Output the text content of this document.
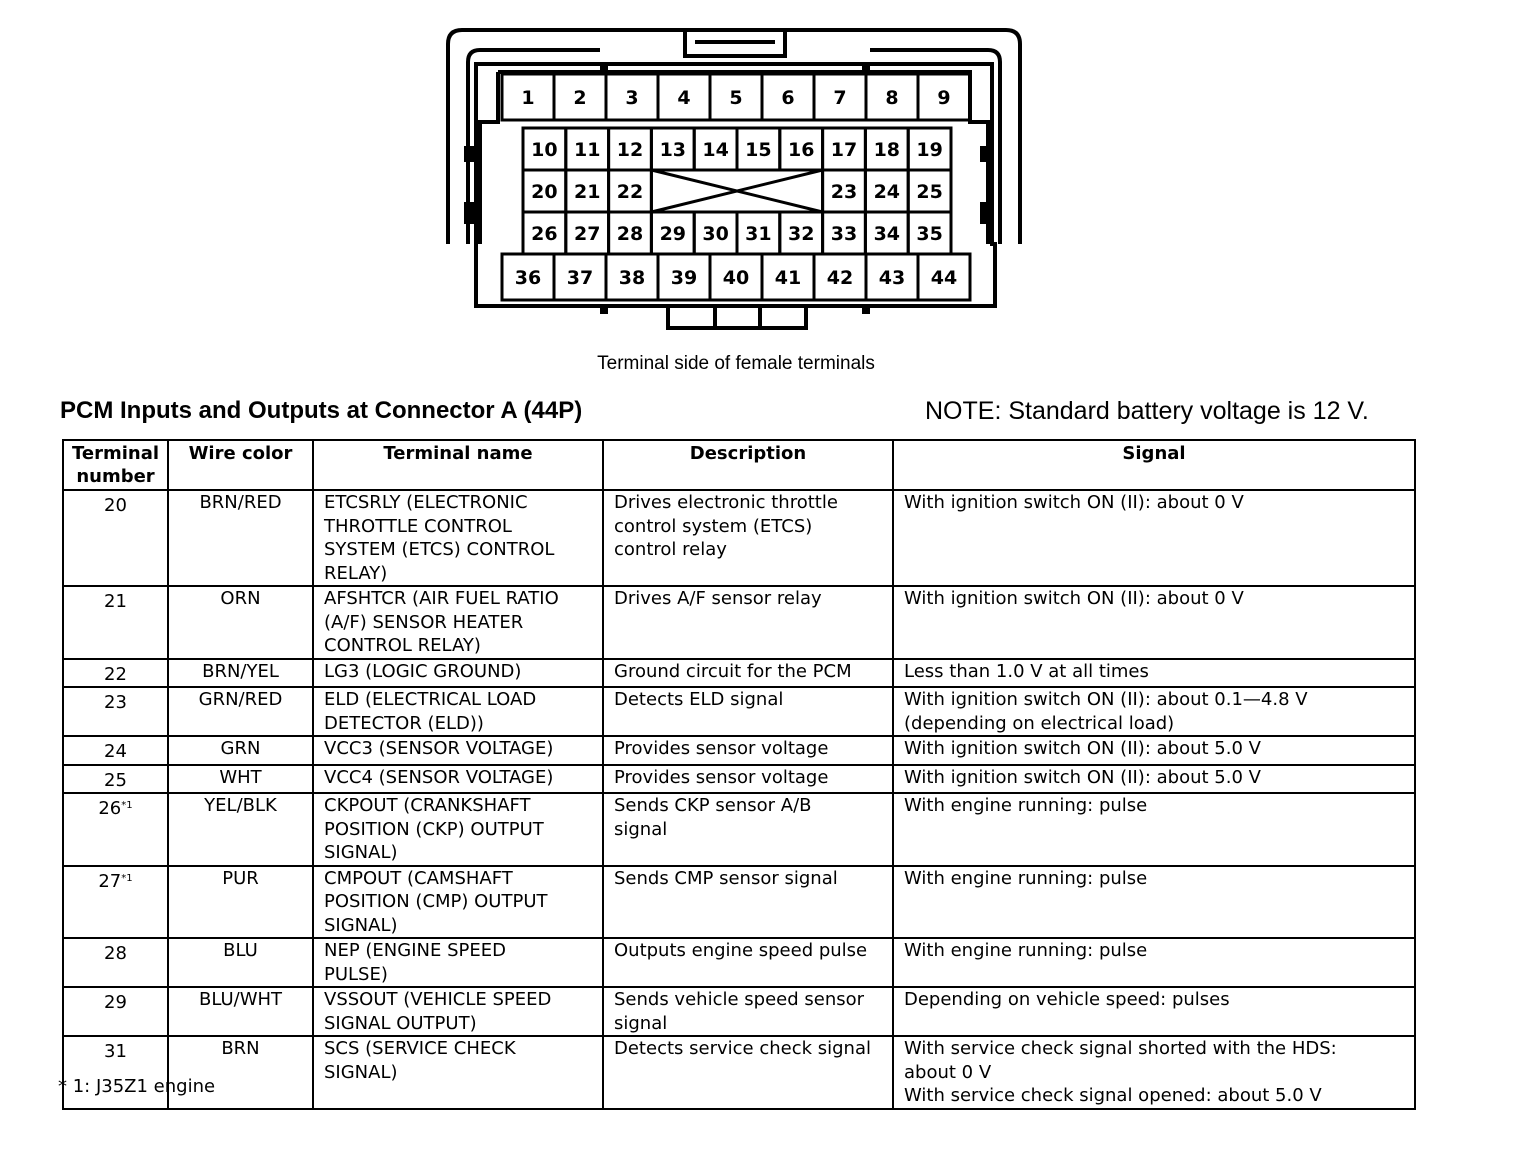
1 2 3 4 5 6 7 8 9
10 11 12 13 14 15 16 17 18 19
20 21 22	23 24 25
26 27 28 29 30 31 32 33 34 35
36 37 38 39 40 41 42 43 44
Terminal side of female terminals
PCM Inputs and Outputs at Connector A (44P)	NOTE: Standard battery voltage is 12 V.
Terminal
number	Wire color	Terminal name	Description	Signal
20	BRN/RED	ETCSRLY (ELECTRONIC
THROTTLE CONTROL
SYSTEM (ETCS) CONTROL
RELAY)	Drives electronic throttle
control system (ETCS)
control relay	With ignition switch ON (II): about 0 V
21	ORN	AFSHTCR (AIR FUEL RATIO
(A/F) SENSOR HEATER
CONTROL RELAY)	Drives A/F sensor relay	With ignition switch ON (II): about 0 V
22	BRN/YEL	LG3 (LOGIC GROUND)	Ground circuit for the PCM	Less than 1.0 V at all times
23	GRN/RED	ELD (ELECTRICAL LOAD
DETECTOR (ELD))	Detects ELD signal	With ignition switch ON (II): about 0.1—4.8 V
(depending on electrical load)
24	GRN	VCC3 (SENSOR VOLTAGE)	Provides sensor voltage	With ignition switch ON (II): about 5.0 V
25	WHT	VCC4 (SENSOR VOLTAGE)	Provides sensor voltage	With ignition switch ON (II): about 5.0 V
26$^{*1}$	YEL/BLK	CKPOUT (CRANKSHAFT
POSITION (CKP) OUTPUT
SIGNAL)	Sends CKP sensor A/B
signal	With engine running: pulse
27$^{*1}$	PUR	CMPOUT (CAMSHAFT
POSITION (CMP) OUTPUT
SIGNAL)	Sends CMP sensor signal	With engine running: pulse
28	BLU	NEP (ENGINE SPEED
PULSE)	Outputs engine speed pulse	With engine running: pulse
29	BLU/WHT	VSSOUT (VEHICLE SPEED
SIGNAL OUTPUT)	Sends vehicle speed sensor
signal	Depending on vehicle speed: pulses
31	BRN	SCS (SERVICE CHECK
SIGNAL)	Detects service check signal	With service check signal shorted with the HDS:
about 0 V
With service check signal opened: about 5.0 V
* 1: J35Z1 engine
